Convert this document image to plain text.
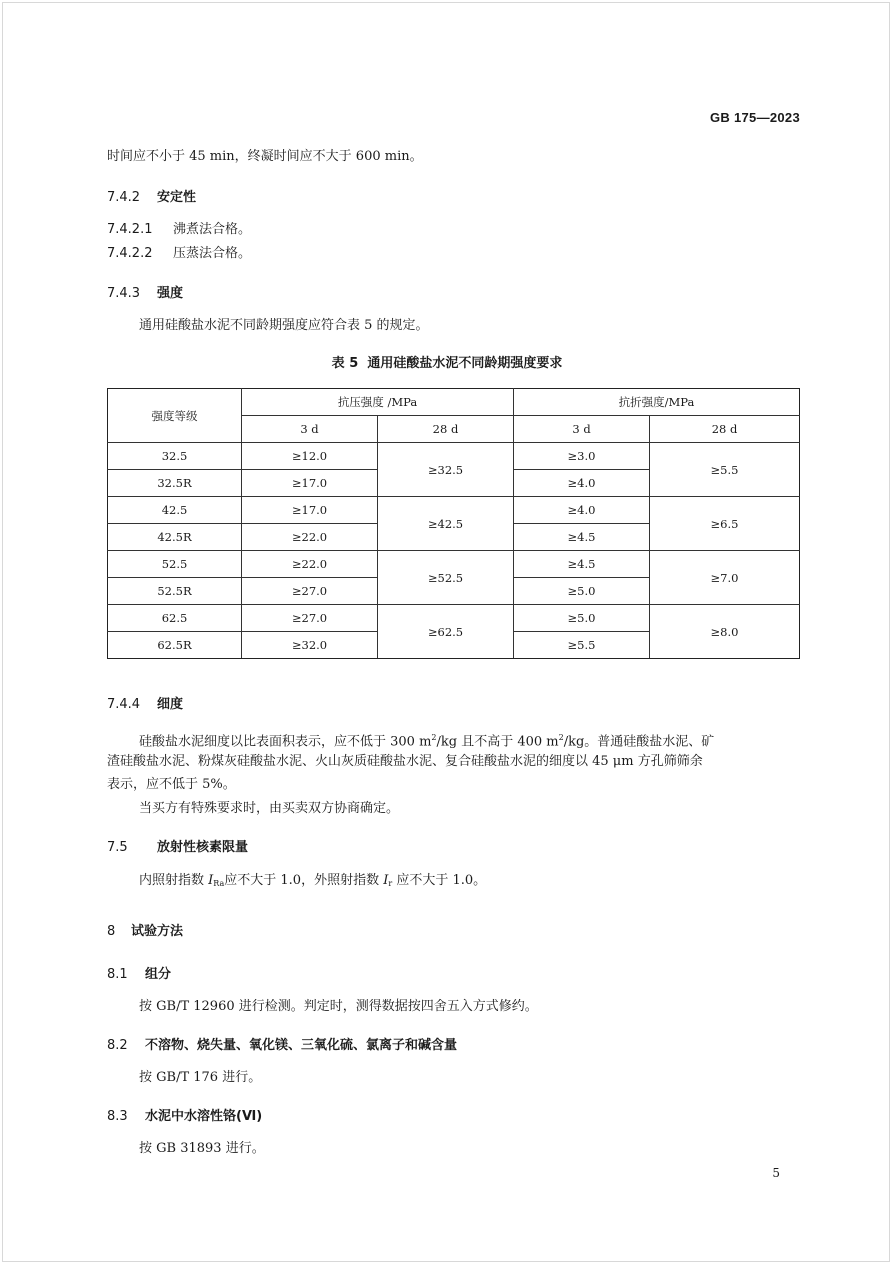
GB 175—2023
时间应不小于 45 min，终凝时间应不大于 600 min。
7.4.2 安定性
7.4.2.1 沸煮法合格。
7.4.2.2 压蒸法合格。
7.4.3 强度
通用硅酸盐水泥不同龄期强度应符合表 5 的规定。
表 5 通用硅酸盐水泥不同龄期强度要求
强度等级	抗压强度 /MPa		抗折强度/MPa	
	3 d	28 d	3 d	28 d
32.5	≥12.0	≥32.5	≥3.0	≥5.5
32.5R	≥17.0		≥4.0	
42.5	≥17.0	≥42.5	≥4.0	≥6.5
42.5R	≥22.0		≥4.5	
52.5	≥22.0	≥52.5	≥4.5	≥7.0
52.5R	≥27.0		≥5.0	
62.5	≥27.0	≥62.5	≥5.0	≥8.0
62.5R	≥32.0		≥5.5	
7.4.4 细度
硅酸盐水泥细度以比表面积表示，应不低于 300 $m^2/kg$ 且不高于 400 $m^2/kg$。普通硅酸盐水泥、矿
渣硅酸盐水泥、粉煤灰硅酸盐水泥、火山灰质硅酸盐水泥、复合硅酸盐水泥的细度以 45 μm 方孔筛筛余
表示，应不低于 5%。
当买方有特殊要求时，由买卖双方协商确定。
7.5 放射性核素限量
内照射指数 IRa应不大于 1.0，外照射指数 Ir 应不大于 1.0。
8 试验方法
8.1 组分
按 GB/T 12960 进行检测。判定时，测得数据按四舍五入方式修约。
8.2 不溶物、烧失量、氧化镁、三氧化硫、氯离子和碱含量
按 GB/T 176 进行。
8.3 水泥中水溶性铬(Ⅵ)
按 GB 31893 进行。
5
